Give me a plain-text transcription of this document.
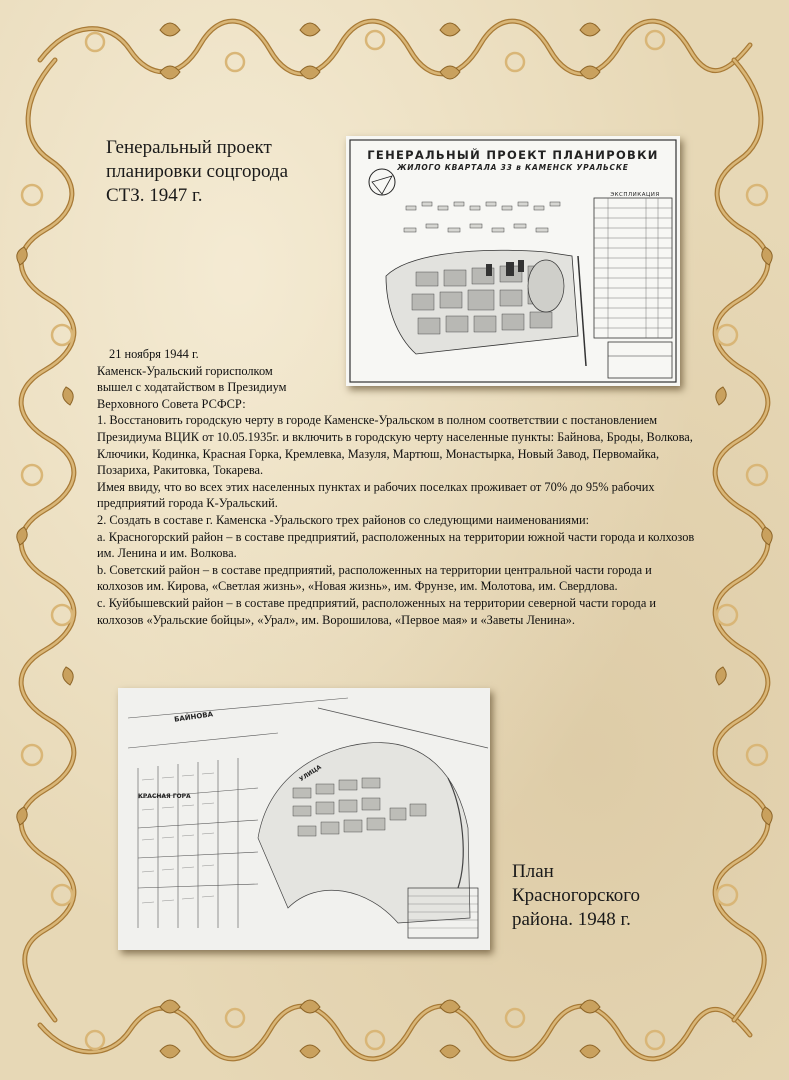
Генеральный проект
планировки соцгорода
СТЗ. 1947 г.
ГЕНЕРАЛЬНЫЙ ПРОЕКТ ПЛАНИРОВКИ
ЖИЛОГО КВАРТАЛА 33 в КАМЕНСК УРАЛЬСКЕ
ЭКСПЛИКАЦИЯ

21 ноября 1944 г.

Каменск-Уральский горисполком
вышел с ходатайством в Президиум
Верховного Совета РСФСР:

1. Восстановить городскую черту в городе Каменске-Уральском в полном соответствии с постановлением Президиума ВЦИК от 10.05.1935г. и включить в городскую черту населенные пункты: Байнова, Броды, Волкова, Ключики, Кодинка, Красная Горка, Кремлевка, Мазуля, Мартюш, Монастырка, Новый Завод, Первомайка, Позариха, Ракитовка, Токарева.

Имея ввиду, что во всех этих населенных пунктах и рабочих поселках проживает от 70% до 95% рабочих предприятий города К-Уральский.

2. Создать в составе г. Каменска -Уральского трех районов со следующими наименованиями:

a. Красногорский район – в составе предприятий, расположенных на территории южной части города и колхозов им. Ленина и им. Волкова.

b. Советский район – в составе предприятий, расположенных на территории центральной части города и колхозов им. Кирова, «Светлая жизнь», «Новая жизнь», им. Фрунзе, им. Молотова, им. Свердлова.

c. Куйбышевский район – в составе предприятий, расположенных на территории северной части города и колхозов «Уральские бойцы», «Урал», им. Ворошилова, «Первое мая» и «Заветы Ленина».

БАЙНОВА
КРАСНАЯ ГОРА
УЛИЦА
План
Красногорского
района. 1948 г.
